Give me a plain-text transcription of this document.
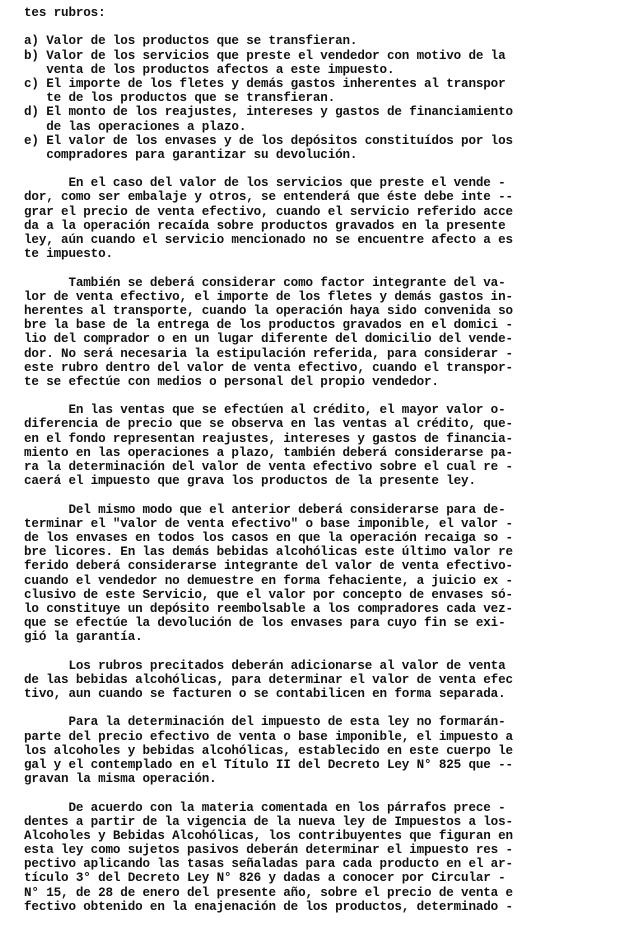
tes rubros:
a) Valor de los productos que se transfieran.
b) Valor de los servicios que preste el vendedor con motivo de la
venta de los productos afectos a este impuesto.
c) El importe de los fletes y demás gastos inherentes al transpor
te de los productos que se transfieran.
d) El monto de los reajustes, intereses y gastos de financiamiento
de las operaciones a plazo.
e) El valor de los envases y de los depósitos constituídos por los
compradores para garantizar su devolución.
En el caso del valor de los servicios que preste el vende -
dor, como ser embalaje y otros, se entenderá que éste debe inte --
grar el precio de venta efectivo, cuando el servicio referido acce
da a la operación recaída sobre productos gravados en la presente
ley, aún cuando el servicio mencionado no se encuentre afecto a es
te impuesto.
También se deberá considerar como factor integrante del va-
lor de venta efectivo, el importe de los fletes y demás gastos in-
herentes al transporte, cuando la operación haya sido convenida so
bre la base de la entrega de los productos gravados en el domici -
lio del comprador o en un lugar diferente del domicilio del vende-
dor. No será necesaria la estipulación referida, para considerar -
este rubro dentro del valor de venta efectivo, cuando el transpor-
te se efectúe con medios o personal del propio vendedor.
En las ventas que se efectúen al crédito, el mayor valor o-
diferencia de precio que se observa en las ventas al crédito, que-
en el fondo representan reajustes, intereses y gastos de financia-
miento en las operaciones a plazo, también deberá considerarse pa-
ra la determinación del valor de venta efectivo sobre el cual re -
caerá el impuesto que grava los productos de la presente ley.
Del mismo modo que el anterior deberá considerarse para de-
terminar el "valor de venta efectivo" o base imponible, el valor -
de los envases en todos los casos en que la operación recaiga so -
bre licores. En las demás bebidas alcohólicas este último valor re
ferido deberá considerarse integrante del valor de venta efectivo-
cuando el vendedor no demuestre en forma fehaciente, a juicio ex -
clusivo de este Servicio, que el valor por concepto de envases só-
lo constituye un depósito reembolsable a los compradores cada vez-
que se efectúe la devolución de los envases para cuyo fin se exi-
gió la garantía.
Los rubros precitados deberán adicionarse al valor de venta
de las bebidas alcohólicas, para determinar el valor de venta efec
tivo, aun cuando se facturen o se contabilicen en forma separada.
Para la determinación del impuesto de esta ley no formarán-
parte del precio efectivo de venta o base imponible, el impuesto a
los alcoholes y bebidas alcohólicas, establecido en este cuerpo le
gal y el contemplado en el Título II del Decreto Ley N° 825 que --
gravan la misma operación.
De acuerdo con la materia comentada en los párrafos prece -
dentes a partir de la vigencia de la nueva ley de Impuestos a los-
Alcoholes y Bebidas Alcohólicas, los contribuyentes que figuran en
esta ley como sujetos pasivos deberán determinar el impuesto res -
pectivo aplicando las tasas señaladas para cada producto en el ar-
tículo 3° del Decreto Ley N° 826 y dadas a conocer por Circular -
N° 15, de 28 de enero del presente año, sobre el precio de venta e
fectivo obtenido en la enajenación de los productos, determinado -
